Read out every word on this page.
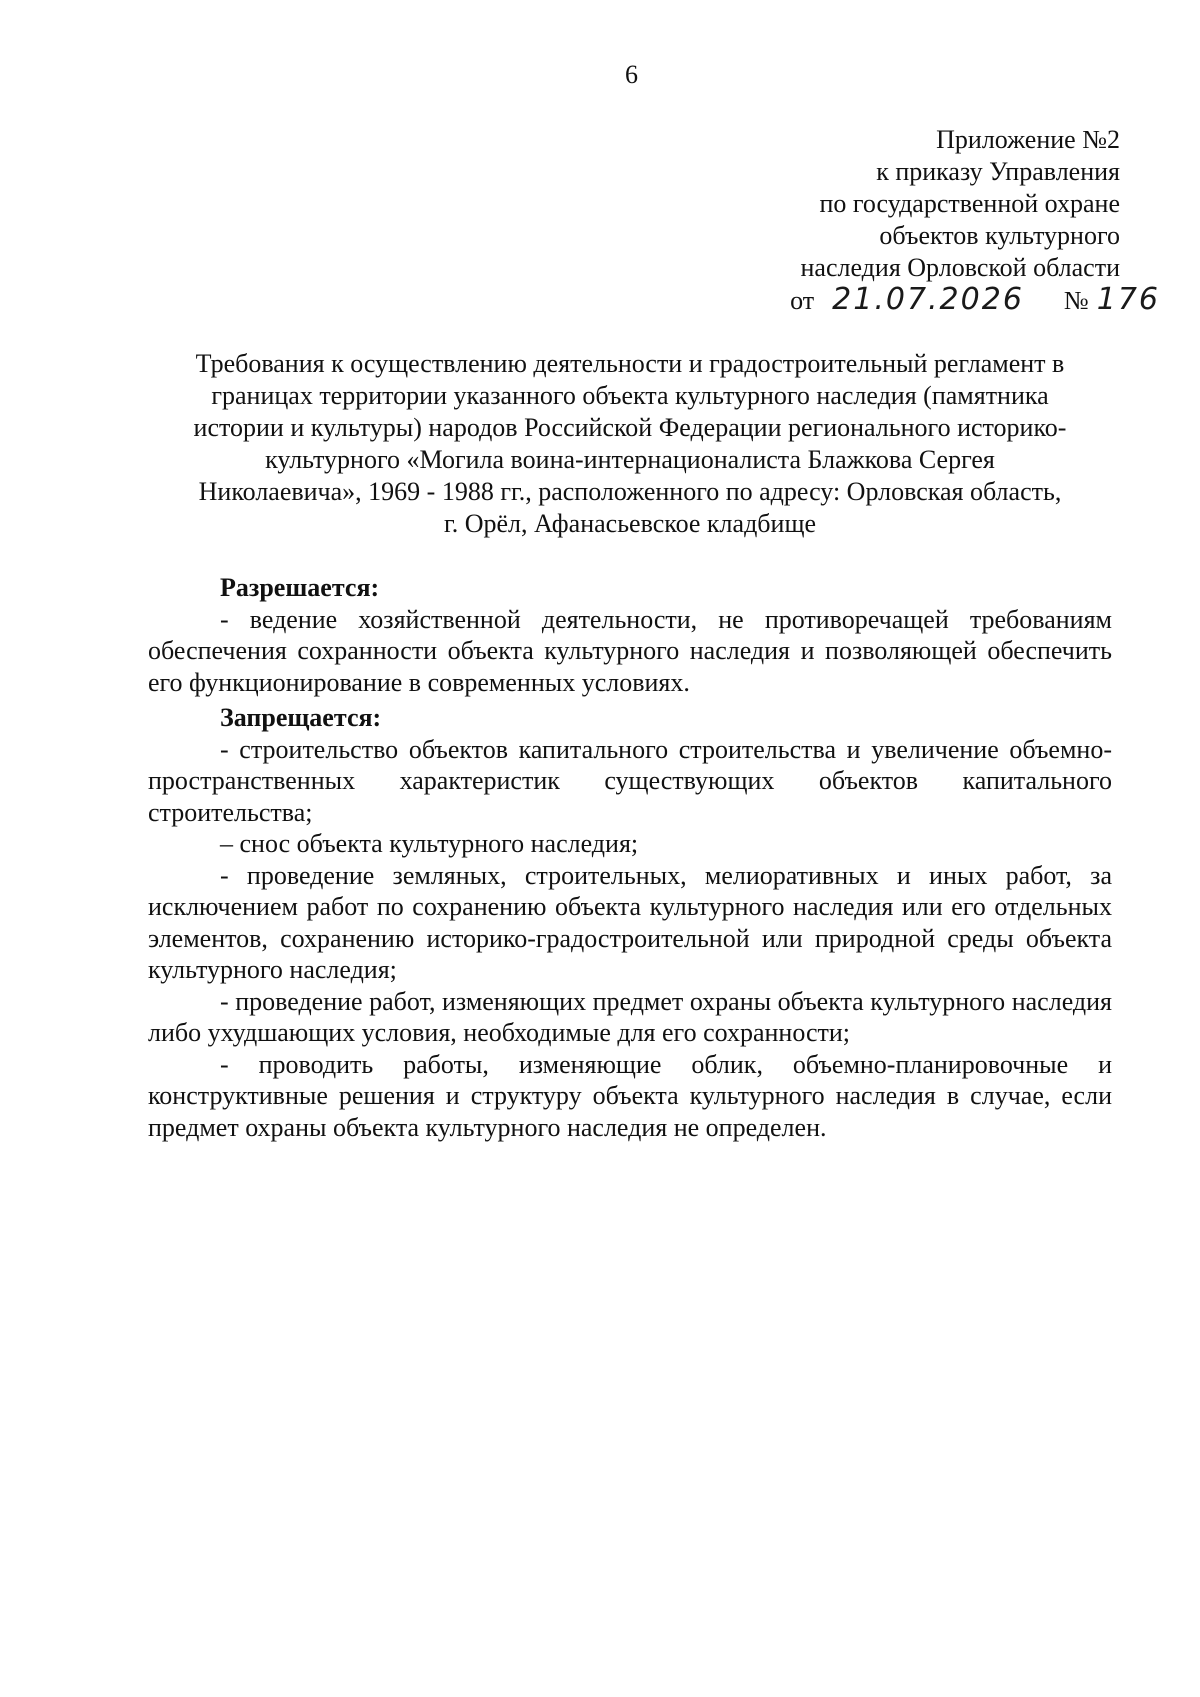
6
Приложение №2
к приказу Управления
по государственной охране
объектов культурного
наследия Орловской области
от 21.07.2026 № 176
Требования к осуществлению деятельности и градостроительный регламент в
границах территории указанного объекта культурного наследия (памятника
истории и культуры) народов Российской Федерации регионального историко-
культурного «Могила воина-интернационалиста Блажкова Сергея
Николаевича», 1969 - 1988 гг., расположенного по адресу: Орловская область,
г. Орёл, Афанасьевское кладбище

Разрешается:

- ведение хозяйственной деятельности, не противоречащей требованиям обеспечения сохранности объекта культурного наследия и позволяющей обеспечить его функционирование в современных условиях.

Запрещается:

- строительство объектов капитального строительства и увеличение объемно-пространственных характеристик существующих объектов капитального строительства;

– снос объекта культурного наследия;

- проведение земляных, строительных, мелиоративных и иных работ, за исключением работ по сохранению объекта культурного наследия или его отдельных элементов, сохранению историко-градостроительной или природной среды объекта культурного наследия;

- проведение работ, изменяющих предмет охраны объекта культурного наследия либо ухудшающих условия, необходимые для его сохранности;

- проводить работы, изменяющие облик, объемно-планировочные и конструктивные решения и структуру объекта культурного наследия в случае, если предмет охраны объекта культурного наследия не определен.
